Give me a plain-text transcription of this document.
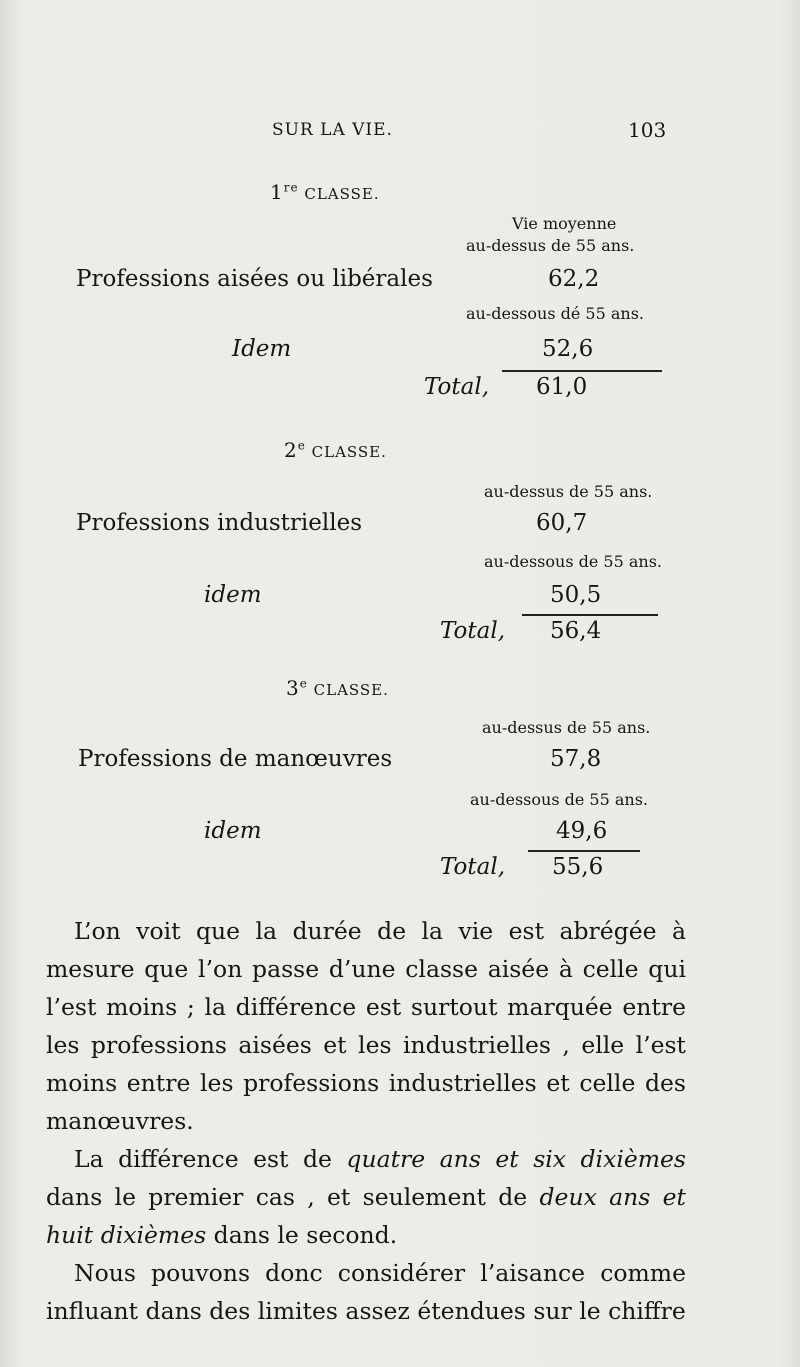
SUR LA VIE.	103
1re CLASSE.
Vie moyenne
au-dessus de 55 ans.
Professions aisées ou libérales	62,2
au-dessous dé 55 ans.
Idem	52,6
Total, 61,0
2e CLASSE.
au-dessus de 55 ans.
Professions industrielles	60,7
au-dessous de 55 ans.
idem	50,5
Total, 56,4
3e CLASSE.
au-dessus de 55 ans.
Professions de manœuvres	57,8
au-dessous de 55 ans.
idem	49,6
Total, 55,6

L’on voit que la durée de la vie est abrégée à mesure que l’on passe d’une classe aisée à celle qui l’est moins ; la différence est surtout marquée entre les professions aisées et les industrielles , elle l’est moins entre les professions industrielles et celle des manœuvres.

La différence est de quatre ans et six dixièmes dans le premier cas , et seulement de deux ans et huit dixièmes dans le second.

Nous pouvons donc considérer l’aisance comme influant dans des limites assez étendues sur le chiffre
